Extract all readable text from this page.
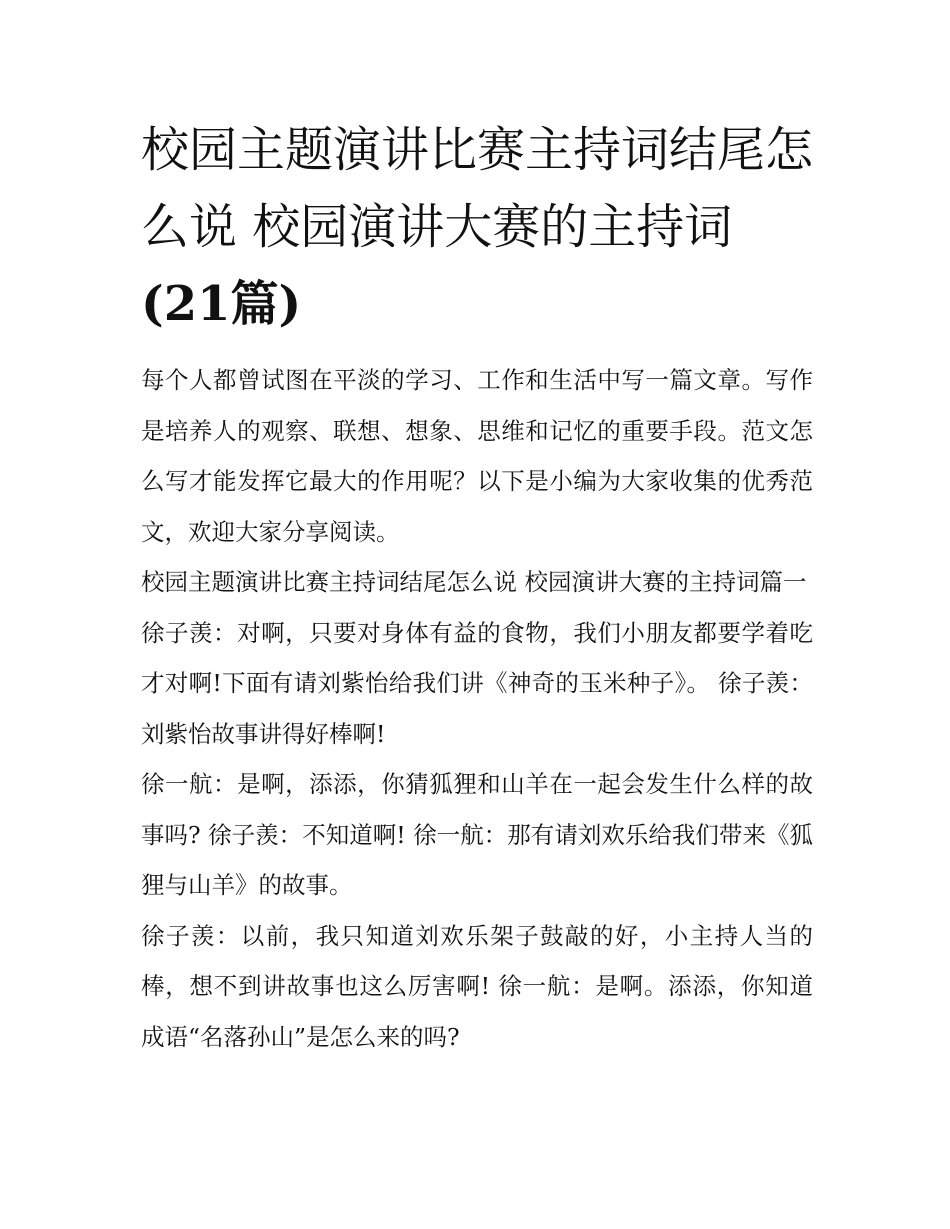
校园主题演讲比赛主持词结尾怎么说 校园演讲大赛的主持词(21篇)

每个人都曾试图在平淡的学习、工作和生活中写一篇文章。写作是培养人的观察、联想、想象、思维和记忆的重要手段。范文怎么写才能发挥它最大的作用呢？以下是小编为大家收集的优秀范文，欢迎大家分享阅读。

校园主题演讲比赛主持词结尾怎么说 校园演讲大赛的主持词篇一

徐子羡：对啊，只要对身体有益的食物，我们小朋友都要学着吃才对啊!下面有请刘紫怡给我们讲《神奇的玉米种子》。 徐子羡：刘紫怡故事讲得好棒啊!

徐一航：是啊，添添，你猜狐狸和山羊在一起会发生什么样的故事吗? 徐子羡：不知道啊! 徐一航：那有请刘欢乐给我们带来《狐狸与山羊》的故事。

徐子羡：以前，我只知道刘欢乐架子鼓敲的好，小主持人当的棒，想不到讲故事也这么厉害啊! 徐一航：是啊。添添，你知道成语“名落孙山”是怎么来的吗?
